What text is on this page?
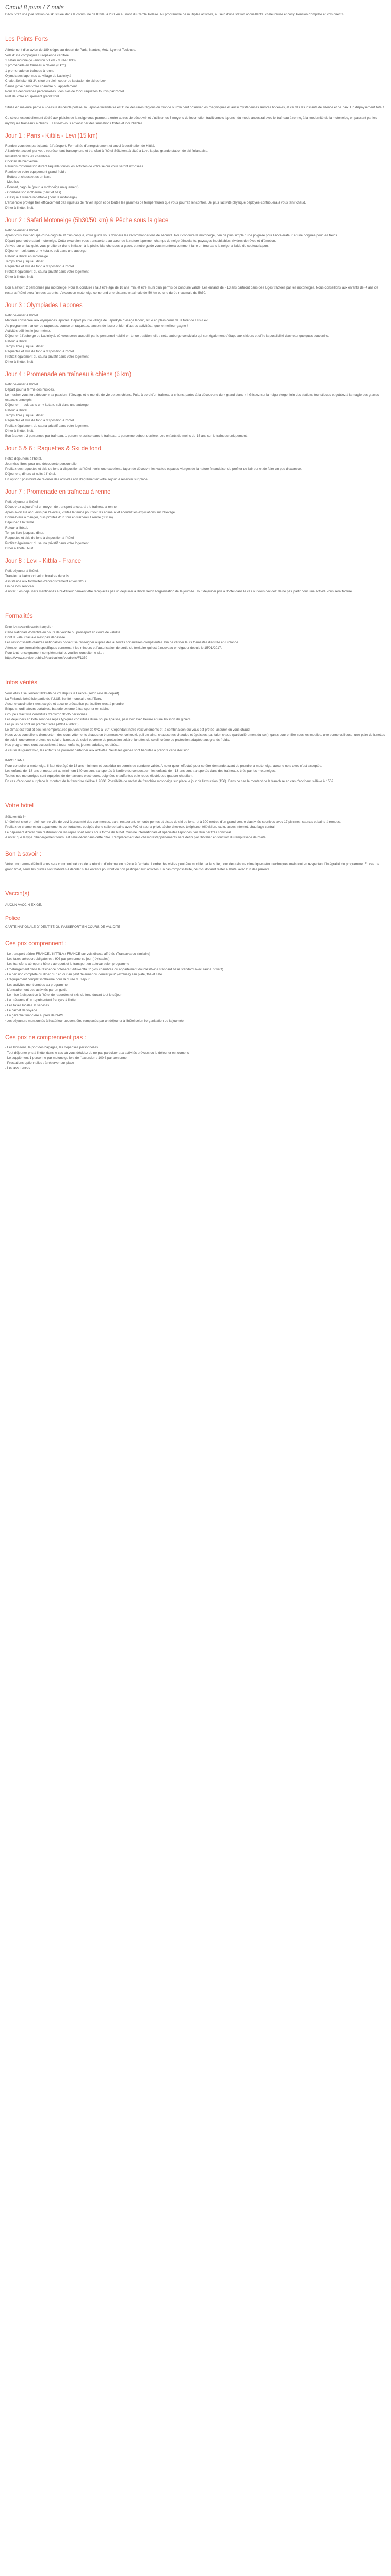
Circuit 8 jours / 7 nuits

Découvrez une jolie station de ski située dans la commune de Kittila, à 280 km au nord du Cercle Polaire. Au programme de multiples activités, au sein d'une station accueillante, chaleureuse et cosy. Pension complète et vols directs.

Les Points Forts

Affrètement d'un avion de 189 sièges au départ de Paris, Nantes, Metz, Lyon et Toulouse.

Vols d'une compagnie Européenne certifiée.

1 safari motoneige (environ 50 km - durée 5h30)

1 promenade en traîneau à chiens (6 km)

1 promenade en traîneau à renne

Olympiades laponnes au village de Lapinkylä

Chalet Séitukenttä 3*, situé en plein coeur de la station de ski de Levi

Sauna privé dans votre chambre ou appartement

Pour les découvertes personnelles : des skis de fond, raquettes fournis par l'hôtel.

Prêt de votre équipement grand froid.

Située en majeure partie au-dessus du cercle polaire, la Laponie finlandaise est l'une des rares régions du monde où l'on peut observer les magnifiques et aussi mystérieuses aurores boréales, et ce dès les instants de silence et de paix. Un dépaysement total !

Ce séjour essentiellement dédié aux plaisirs de la neige vous permettra entre autres de découvrir et d'utiliser les 3 moyens de locomotion traditionnels lapons : du mode ancestral avec le traîneau à renne, à la modernité de la motoneige, en passant par les mythiques traîneaux à chiens... Laissez-vous envahir par des sensations fortes et inoubliables.

Jour 1 : Paris - Kittila - Levi (15 km)

Rendez-vous des participants à l'aéroport. Formalités d'enregistrement et envol à destination de Kittilä.

A l'arrivée, accueil par votre représentant francophone et transfert à l'hôtel Séitukenttä situé à Levi, la plus grande station de ski finlandaise.

Installation dans les chambres.

Cocktail de bienvenue.

Réunion d'information durant laquelle toutes les activités de votre séjour vous seront exposées.

Remise de votre équipement grand froid :

- Bottes et chaussettes en laine

- Moufles

- Bonnet, cagoule (pour la motoneige uniquement)

- Combinaison isotherme (haut et bas)

- Casque à visière rabattable (pour la motoneige)

L'ensemble protège très efficacement des rigueurs de l'hiver lapon et de toutes les gammes de températures que vous pourrez rencontrer. De plus l'activité physique déployée contribuera à vous tenir chaud.

Dîner à l'hôtel. Nuit.

Jour 2 : Safari Motoneige (5h30/50 km) & Pêche sous la glace

Petit déjeuner à l'hôtel.

Après vous avoir équipé d'une cagoule et d'un casque, votre guide vous donnera les recommandations de sécurité. Pour conduire la motoneige, rien de plus simple : une poignée pour l'accélérateur et une poignée pour les freins.

Départ pour votre safari motoneige. Cette excursion vous transportera au cœur de la nature laponne : champs de neige étincelants, paysages inoubliables, rivières de rêves et d'émotion.

Arrivés sur un lac gelé, vous profiterez d'une initiation à la pêche blanche sous la glace, et notre guide vous montrera comment faire un trou dans la neige, à l'aide du couteau lapon.

Déjeuner - soit dans un « kota », soit dans une auberge.

Retour à l'hôtel en motoneige.

Temps libre jusqu'au dîner.

Raquettes et skis de fond à disposition à l'hôtel

Profitez également du sauna privatif dans votre logement.

Dîner à l'hôtel. Nuit

Bon à savoir : 2 personnes par motoneige. Pour la conduire il faut être âgé de 18 ans min. et être muni d'un permis de conduire valide. Les enfants de - 13 ans partiront dans des luges tractées par les motoneiges. Nous conseillons aux enfants de -4 ans de rester à l'hôtel avec l'un des parents. L'excursion motoneige comprend une distance maximale de 50 km ou une durée maximale de 5h30.

Jour 3 : Olympiades Lapones

Petit déjeuner à l'hôtel.

Matinée consacrée aux olympiades lapones. Départ pour le village de Lapinkylä " village lapon", situé en plein cœur de la forêt de Hiisi/Levi.

Au programme : lancer de raquettes, course en raquettes, lancers de lasso et bien d'autres activités... que le meilleur gagne !

Activités définies le jour même.

Déjeuner à l'auberge de Lapinkylä, où vous serez accueilli par le personnel habillé en tenue traditionnelle : cette auberge conviviale qui sert également d'étape aux skieurs et offre la possibilité d'acheter quelques souvenirs.

Retour à l'hôtel.

Temps libre jusqu'au dîner.

Raquettes et skis de fond à disposition à l'hôtel

Profitez également du sauna privatif dans votre logement

Dîner à l'hôtel. Nuit

Jour 4 : Promenade en traîneau à chiens (6 km)

Petit déjeuner à l'hôtel.

Départ pour la ferme des huskies.

Le musher vous fera découvrir sa passion : l'élevage et le monde de vie de ses chiens. Puis, à bord d'un traîneau à chiens, partez à la découverte du « grand blanc » ! Glissez sur la neige vierge, loin des stations touristiques et goûtez à la magie des grands espaces enneigés.

Déjeuner — soit dans un « kota », soit dans une auberge.

Retour à l'hôtel.

Temps libre jusqu'au dîner.

Raquettes et skis de fond à disposition à l'hôtel

Profitez également du sauna privatif dans votre logement

Dîner à l'hôtel. Nuit.

Bon à savoir : 2 personnes par traîneau, 1 personne assise dans le traîneau, 1 personne debout derrière. Les enfants de moins de 15 ans sur le traîneau uniquement.

Jour 5 & 6 : Raquettes & Ski de fond

Petits déjeuners à l'hôtel.

Journées libres pour une découverte personnelle.

Profitez des raquettes et skis de fond à disposition à l'hôtel : voici une excellente façon de découvrir les vastes espaces vierges de la nature finlandaise, de profiter de l'air pur et de faire un peu d'exercice.

Déjeuners, dîners et nuits à l'hôtel.

En option : possibilité de rajouter des activités afin d'agrémenter votre séjour. A réserver sur place.

Jour 7 : Promenade en traîneau à renne

Petit déjeuner à l'hôtel

Découvrez aujourd'hui un moyen de transport ancestral : le traîneau à renne.

Après avoir été accueillis par l'éleveur, visitez la ferme pour voir les animaux et écoutez les explications sur l'élevage.

Donnez-leur à manger, puis profitez d'un tour en traîneau à renne (300 m).

Déjeuner à la ferme.

Retour à l'hôtel.

Temps libre jusqu'au dîner.

Raquettes et skis de fond à disposition à l'hôtel

Profitez également du sauna privatif dans votre logement

Dîner à l'hôtel. Nuit.

Jour 8 : Levi - Kittila - France

Petit déjeuner à l'hôtel.

Transfert à l'aéroport selon horaires de vols.

Assistance aux formalités d'enregistrement et vol retour.

Fin de nos services.

A noter : les déjeuners mentionnés à l'extérieur peuvent être remplacés par un déjeuner à l'hôtel selon l'organisation de la journée. Tout déjeuner pris à l'hôtel dans le cas où vous décidez de ne pas partir pour une activité vous sera facturé.

Formalités

Pour les ressortissants français :

Carte nationale d'identité en cours de validité ou passeport en cours de validité.

Dont la valeur faciale n'est pas dépassée.

Les ressortissants d'autres nationalités doivent se renseigner auprès des autorités consulaires compétentes afin de vérifier leurs formalités d'entrée en Finlande.

Attention aux formalités spécifiques concernant les mineurs et l'autorisation de sortie du territoire qui est à nouveau en vigueur depuis le 15/01/2017.

Pour tout renseignement complémentaire, veuillez consulter le site :

https://www.service-public.fr/particuliers/vosdroits/F1359

Infos vérités

Vous êtes à seulement 3h30-4h de vol depuis le France (selon ville de départ).

La Finlande bénéficie partie de l'U.UE, l'unité monétaire est l'Euro.

Aucune vaccination n'est exigée et aucune précaution particulière n'est à prendre.

Briquets, ordinateurs portables, batterie externe à transporter en cabine.

Groupes d'activité constitués d'environ 30-35 personnes.

Les déjeuners en kota sont des repas typiques constitués d'une soupe épaisse, pain noir avec beurre et une boisson de gibiers.

Les jours de sont un premier tarés (-09h14 20h30).

Le climat est froid et sec, les températures peuvent varier de 0°C à -30°. Cependant notre voix vêtements et la combinaison qui vous est prêtée, assurer en vous chaud.

Nous vous conseillons d'emporter : des sous-vêtements chauds en thermoactivé, col roulé, pull en laine, chaussettes chaudes et épaisses, pantalon chaud (particulièrement du soir), gants pour enfiler sous les moufles, une bonne veilleuse, une paire de lunettes de soleil, une crème protectrice solaire, lunettes de soleil et crème de protection solaire, lunettes de soleil, crème de protection adaptée aux grands froids.

Nos programmes sont accessibles à tous : enfants, jeunes, adultes, retraités...

A cause du grand froid, les enfants ne pourront participer aux activités. Seuls les guides sont habilités à prendre cette décision.

IMPORTANT

Pour conduire la motoneige, il faut être âgé de 18 ans minimum et posséder un permis de conduire valide. A noter qu'un effectué pour ce être demandé avant de prendre la motoneige, aucune note avec n'est acceptée.

Les enfants de -18 ans et mesurant au minimum 140 cm sont transportés à l'arrière du conducteur ; les enfants de - 13 ans sont transportés dans des traîneaux, tirés par les motoneiges.

Toutes nos motoneiges sont équipées de demarreurs électriques, poignées chauffantes et le repos électriques (pause) chauffant.

En cas d'accident sur place la montant de la franchise s'élève à 980€. Possibilité de rachat de franchise motoneige sur place le jour de l'excursion (15€). Dans ce cas le montant de la franchise en cas d'accident s'élève à 150€.

Votre hôtel

Séitukenttä 3*

L'hôtel est situé en plein centre-ville de Levi à proximité des commerces, bars, restaurant, remonte-pentes et pistes de ski de fond, et à 300 mètres d'un grand centre d'activités sportives avec 17 piscines, saunas et bains à remous.

Profitez de chambres ou appartements confortables, équipés d'une salle de bains avec WC et sauna privé, sèche-cheveux, téléphone, télévision, radio, accès Internet, chauffage central.

Le déjeunent d'hiver d'un restaurant où les repas sont servis sous forme de buffet. Cuisine internationale et spécialités laponnes, vin d'un bar très convivial.

A noter que le type d'hébergement fourni est celui décrit dans cette offre. L'emplacement des chambres/appartements sera défini par l'hôtelier en fonction du remplissage de l'hôtel.

Bon à savoir :

Votre programme définitif vous sera communiqué lors de la réunion d'information prévue à l'arrivée. L'ordre des visites peut être modifié par la suite, pour des raisons climatiques et/ou techniques mais tout en respectant l'intégralité du programme. En cas de grand froid, seuls les guides sont habilités à décider si les enfants pourront ou non participer aux activités. En cas d'impossibilité, ceux-ci doivent rester à l'hôtel avec l'un des parents.

Vaccin(s)

AUCUN VACCIN EXIGÉ.

Police

CARTE NATIONALE D'IDENTITÉ OU PASSEPORT EN COURS DE VALIDITÉ

Ces prix comprennent :

- Le transport aérien FRANCE / KITTILA / FRANCE sur vols directs affrétés (Transavia ou similaire)

- Les taxes aéroport obligatoires : 90€ par personne ce jour (révisables)

- Les transferts aéroport / hôtel / aéroport et le transport en autocar selon programme

- L'hébergement dans la résidence hôtelière Séitukenttä 3* (vos chambres ou appartement doubles/twins standard base standard avec sauna privatif)

- La pension complète du dîner du 1er jour au petit déjeuner du dernier jour* (exclues) eau plate, thé et café

- L'équipement complet isotherme pour la durée du séjour

- Les activités mentionnées au programme

- L'encadrement des activités par un guide

- Le mise à disposition à l'hôtel de raquettes et skis de fond durant tout le séjour

- La présence d'un représentant français à l'hôtel

- Les taxes locales et services

- Le carnet de voyage

- La garantie financière auprès de l'APST

*Les déjeuners mentionnés à l'extérieur peuvent être remplacés par un déjeuner à l'hôtel selon l'organisation de la journée.

Ces prix ne comprennent pas :

- Les boissons, le port des bagages, les dépenses personnelles

- Tout déjeuner pris à l'hôtel dans le cas où vous décidez de ne pas participer aux activités prévues ou le déjeuner est compris

- Le supplément 1 personne par motoneige lors de l'excursion : 100 € par personne

- Prestations optionnelles : à réserver sur place

- Les assurances
